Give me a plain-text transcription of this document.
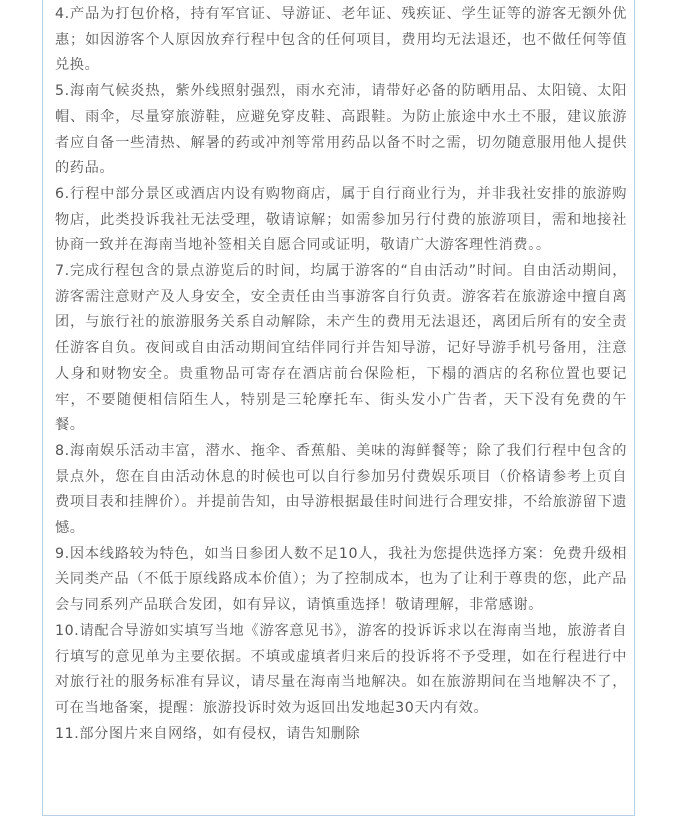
4.产品为打包价格，持有军官证、导游证、老年证、残疾证、学生证等的游客无额外优惠；如因游客个人原因放弃行程中包含的任何项目，费用均无法退还，也不做任何等值兑换。

5.海南气候炎热，紫外线照射强烈，雨水充沛，请带好必备的防晒用品、太阳镜、太阳帽、雨伞，尽量穿旅游鞋，应避免穿皮鞋、高跟鞋。为防止旅途中水土不服，建议旅游者应自备一些清热、解暑的药或冲剂等常用药品以备不时之需，切勿随意服用他人提供的药品。

6.行程中部分景区或酒店内设有购物商店，属于自行商业行为，并非我社安排的旅游购物店，此类投诉我社无法受理，敬请谅解；如需参加另行付费的旅游项目，需和地接社协商一致并在海南当地补签相关自愿合同或证明，敬请广大游客理性消费。。

7.完成行程包含的景点游览后的时间，均属于游客的“自由活动”时间。自由活动期间，游客需注意财产及人身安全，安全责任由当事游客自行负责。游客若在旅游途中擅自离团，与旅行社的旅游服务关系自动解除，未产生的费用无法退还，离团后所有的安全责任游客自负。夜间或自由活动期间宜结伴同行并告知导游，记好导游手机号备用，注意人身和财物安全。贵重物品可寄存在酒店前台保险柜，下榻的酒店的名称位置也要记牢，不要随便相信陌生人，特别是三轮摩托车、街头发小广告者，天下没有免费的午餐。

8.海南娱乐活动丰富，潜水、拖伞、香蕉船、美味的海鲜餐等；除了我们行程中包含的景点外，您在自由活动休息的时候也可以自行参加另付费娱乐项目（价格请参考上页自费项目表和挂牌价）。并提前告知，由导游根据最佳时间进行合理安排，不给旅游留下遗憾。

9.因本线路较为特色，如当日参团人数不足10人，我社为您提供选择方案：免费升级相关同类产品（不低于原线路成本价值）；为了控制成本，也为了让利于尊贵的您，此产品会与同系列产品联合发团，如有异议，请慎重选择！敬请理解，非常感谢。

10.请配合导游如实填写当地《游客意见书》，游客的投诉诉求以在海南当地，旅游者自行填写的意见单为主要依据。不填或虚填者归来后的投诉将不予受理，如在行程进行中对旅行社的服务标准有异议，请尽量在海南当地解决。如在旅游期间在当地解决不了，可在当地备案，提醒：旅游投诉时效为返回出发地起30天内有效。

11.部分图片来自网络，如有侵权，请告知删除
